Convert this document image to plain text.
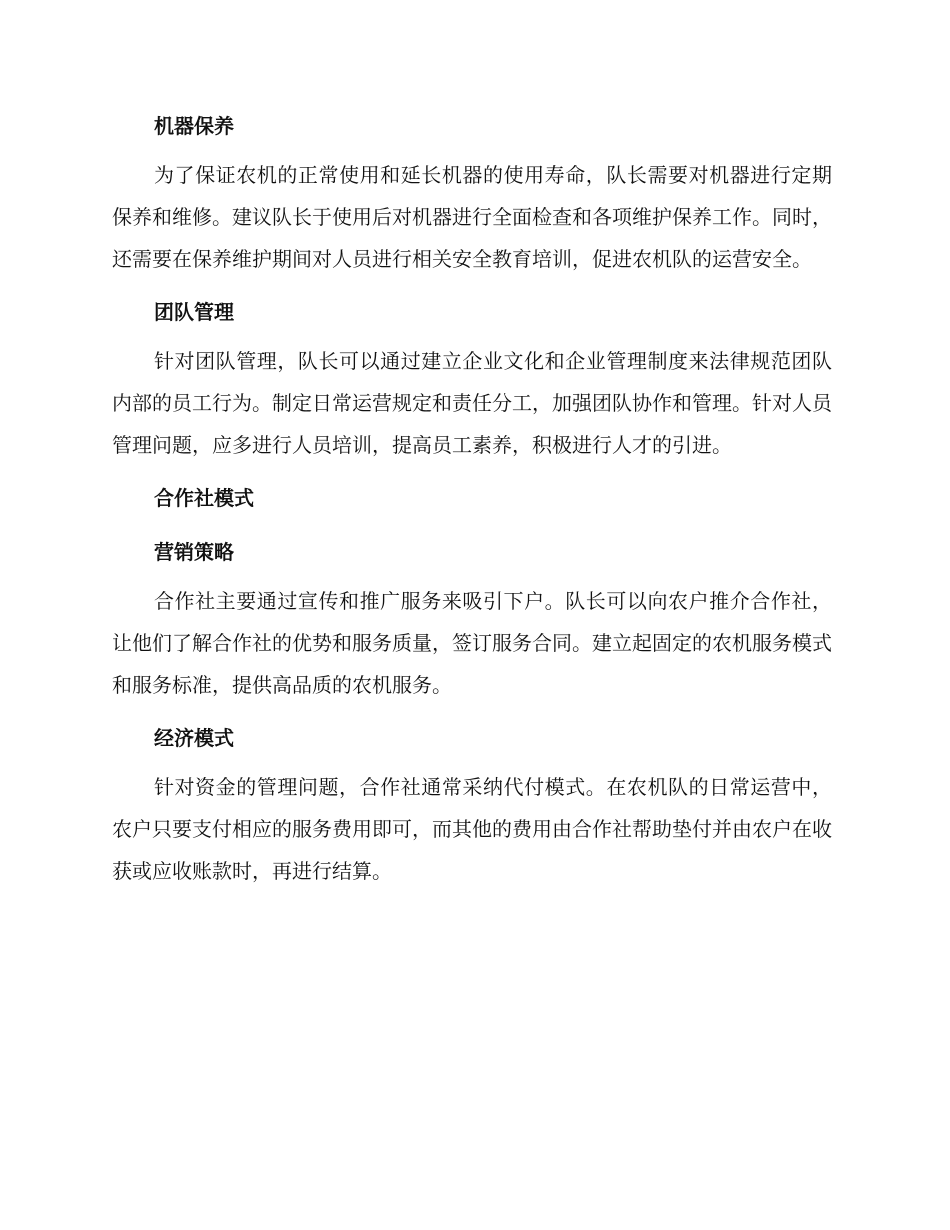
机器保养

为了保证农机的正常使用和延长机器的使用寿命，队长需要对机器进行定期保养和维修。建议队长于使用后对机器进行全面检查和各项维护保养工作。同时，还需要在保养维护期间对人员进行相关安全教育培训，促进农机队的运营安全。

团队管理

针对团队管理，队长可以通过建立企业文化和企业管理制度来法律规范团队内部的员工行为。制定日常运营规定和责任分工，加强团队协作和管理。针对人员管理问题，应多进行人员培训，提高员工素养，积极进行人才的引进。

合作社模式
营销策略

合作社主要通过宣传和推广服务来吸引下户。队长可以向农户推介合作社，让他们了解合作社的优势和服务质量，签订服务合同。建立起固定的农机服务模式和服务标准，提供高品质的农机服务。

经济模式

针对资金的管理问题，合作社通常采纳代付模式。在农机队的日常运营中，农户只要支付相应的服务费用即可，而其他的费用由合作社帮助垫付并由农户在收获或应收账款时，再进行结算。
